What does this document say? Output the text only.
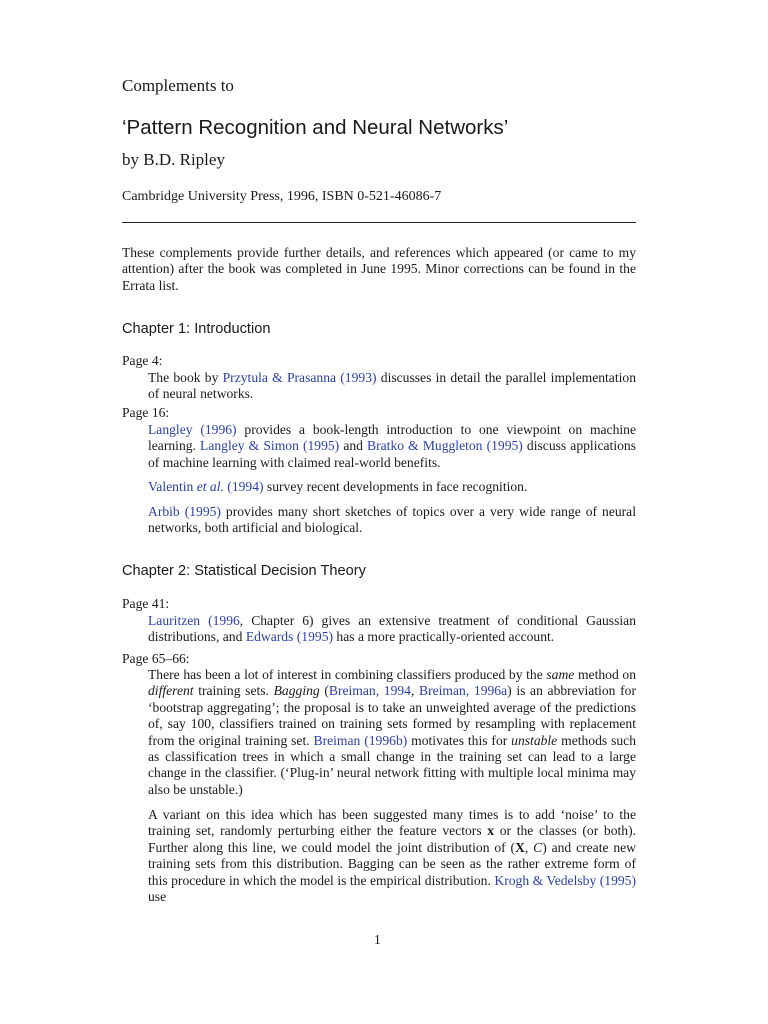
Complements to
‘Pattern Recognition and Neural Networks’
by B.D. Ripley
Cambridge University Press, 1996, ISBN 0-521-46086-7
These complements provide further details, and references which appeared (or came to my attention) after the book was completed in June 1995. Minor corrections can be found in the Errata list.
Chapter 1: Introduction
Page 4:
The book by Przytula & Prasanna (1993) discusses in detail the parallel implementation of neural networks.
Page 16:
Langley (1996) provides a book-length introduction to one viewpoint on machine learning. Langley & Simon (1995) and Bratko & Muggleton (1995) discuss applications of machine learning with claimed real-world benefits.
Valentin et al. (1994) survey recent developments in face recognition.
Arbib (1995) provides many short sketches of topics over a very wide range of neural networks, both artificial and biological.
Chapter 2: Statistical Decision Theory
Page 41:
Lauritzen (1996, Chapter 6) gives an extensive treatment of conditional Gaussian distributions, and Edwards (1995) has a more practically-oriented account.
Page 65–66:
There has been a lot of interest in combining classifiers produced by the same method on different training sets. Bagging (Breiman, 1994, Breiman, 1996a) is an abbreviation for ‘bootstrap aggregating’; the proposal is to take an unweighted average of the predictions of, say 100, classifiers trained on training sets formed by resampling with replacement from the original training set. Breiman (1996b) motivates this for unstable methods such as classification trees in which a small change in the training set can lead to a large change in the classifier. (‘Plug-in’ neural network fitting with multiple local minima may also be unstable.)
A variant on this idea which has been suggested many times is to add ‘noise’ to the training set, randomly perturbing either the feature vectors x or the classes (or both). Further along this line, we could model the joint distribution of (X, C) and create new training sets from this distribution. Bagging can be seen as the rather extreme form of this procedure in which the model is the empirical distribution. Krogh & Vedelsby (1995) use
1
